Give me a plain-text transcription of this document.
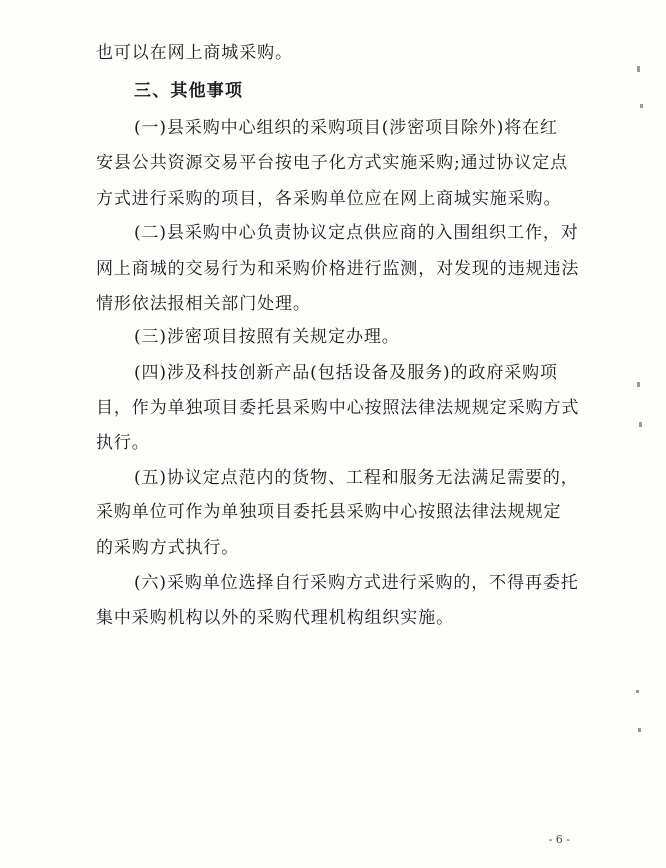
也可以在网上商城采购。
三、其他事项
(一)县采购中心组织的采购项目(涉密项目除外)将在红
安县公共资源交易平台按电子化方式实施采购;通过协议定点
方式进行采购的项目，各采购单位应在网上商城实施采购。
(二)县采购中心负责协议定点供应商的入围组织工作，对
网上商城的交易行为和采购价格进行监测，对发现的违规违法
情形依法报相关部门处理。
(三)涉密项目按照有关规定办理。
(四)涉及科技创新产品(包括设备及服务)的政府采购项
目，作为单独项目委托县采购中心按照法律法规规定采购方式
执行。
(五)协议定点范内的货物、工程和服务无法满足需要的，
采购单位可作为单独项目委托县采购中心按照法律法规规定
的采购方式执行。
(六)采购单位选择自行采购方式进行采购的，不得再委托
集中采购机构以外的采购代理机构组织实施。
- 6 -
